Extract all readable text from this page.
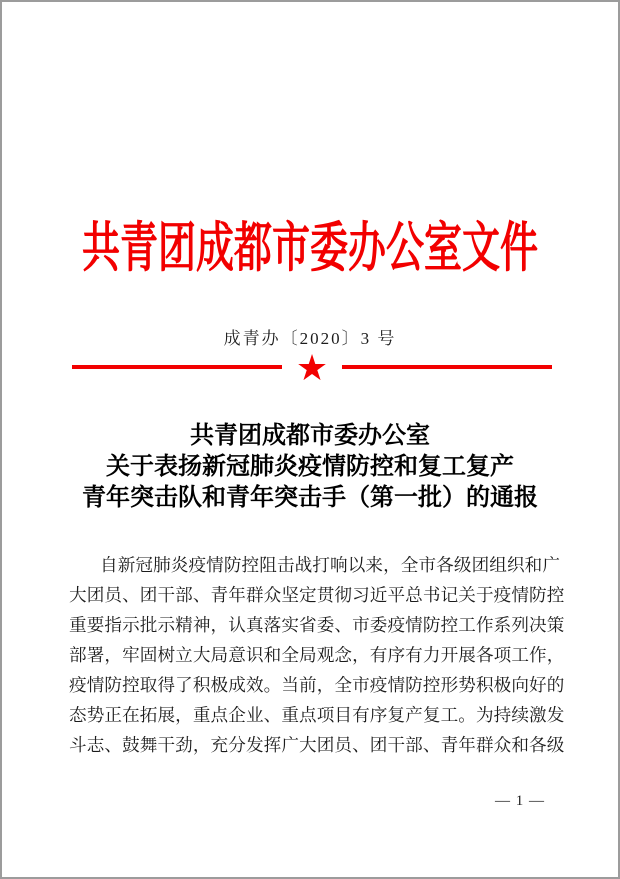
共青团成都市委办公室文件
成青办〔2020〕3 号
★
共青团成都市委办公室
关于表扬新冠肺炎疫情防控和复工复产
青年突击队和青年突击手（第一批）的通报
自新冠肺炎疫情防控阻击战打响以来，全市各级团组织和广
大团员、团干部、青年群众坚定贯彻习近平总书记关于疫情防控
重要指示批示精神，认真落实省委、市委疫情防控工作系列决策
部署，牢固树立大局意识和全局观念，有序有力开展各项工作，
疫情防控取得了积极成效。当前，全市疫情防控形势积极向好的
态势正在拓展，重点企业、重点项目有序复产复工。为持续激发
斗志、鼓舞干劲，充分发挥广大团员、团干部、青年群众和各级
— 1 —
